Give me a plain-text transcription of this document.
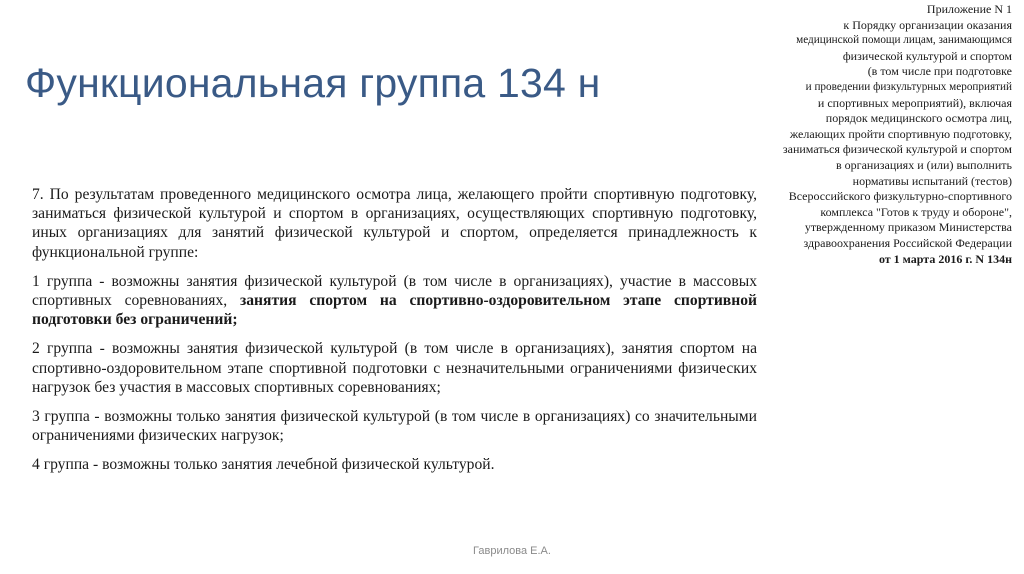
Функциональная группа 134 н
Приложение N 1
к Порядку организации оказания
медицинской помощи лицам, занимающимся
физической культурой и спортом
(в том числе при подготовке
и проведении физкультурных мероприятий
и спортивных мероприятий), включая
порядок медицинского осмотра лиц,
желающих пройти спортивную подготовку,
заниматься физической культурой и спортом
в организациях и (или) выполнить
нормативы испытаний (тестов)
Всероссийского физкультурно-спортивного
комплекса "Готов к труду и обороне",
утвержденному приказом Министерства
здравоохранения Российской Федерации
от 1 марта 2016 г. N 134н

7. По результатам проведенного медицинского осмотра лица, желающего пройти спортивную подготовку, заниматься физической культурой и спортом в организациях, осуществляющих спортивную подготовку, иных организациях для занятий физической культурой и спортом, определяется принадлежность к функциональной группе:

1 группа - возможны занятия физической культурой (в том числе в организациях), участие в массовых спортивных соревнованиях, занятия спортом на спортивно-оздоровительном этапе спортивной подготовки без ограничений;

2 группа - возможны занятия физической культурой (в том числе в организациях), занятия спортом на спортивно-оздоровительном этапе спортивной подготовки с незначительными ограничениями физических нагрузок без участия в массовых спортивных соревнованиях;

3 группа - возможны только занятия физической культурой (в том числе в организациях) со значительными ограничениями физических нагрузок;

4 группа - возможны только занятия лечебной физической культурой.

Гаврилова Е.А.
